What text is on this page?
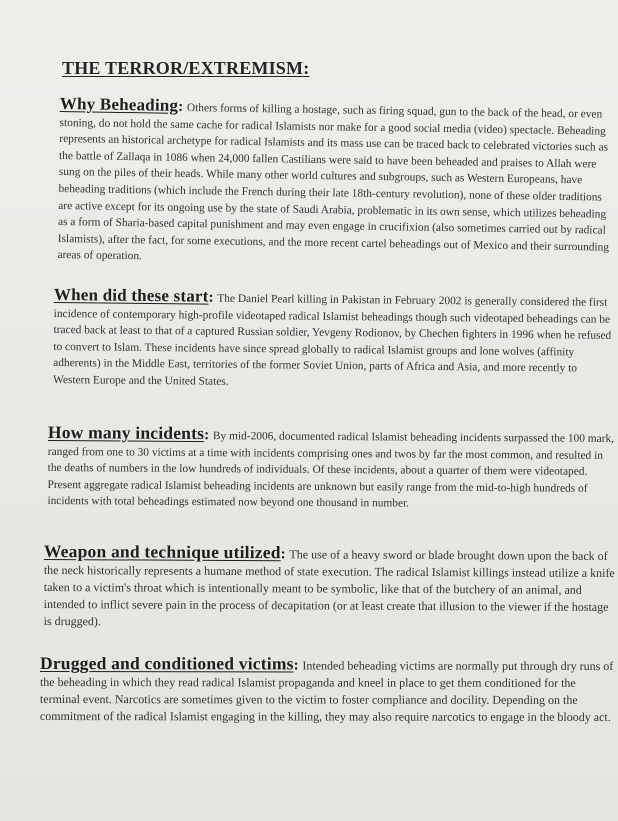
THE TERROR/EXTREMISM:
Why Beheading: Others forms of killing a hostage, such as firing squad, gun to the back of the head, or even stoning, do not hold the same cache for radical Islamists nor make for a good social media (video) spectacle. Beheading represents an historical archetype for radical Islamists and its mass use can be traced back to celebrated victories such as the battle of Zallaqa in 1086 when 24,000 fallen Castilians were said to have been beheaded and praises to Allah were sung on the piles of their heads. While many other world cultures and subgroups, such as Western Europeans, have beheading traditions (which include the French during their late 18th-century revolution), none of these older traditions are active except for its ongoing use by the state of Saudi Arabia, problematic in its own sense, which utilizes beheading as a form of Sharia-based capital punishment and may even engage in crucifixion (also sometimes carried out by radical Islamists), after the fact, for some executions, and the more recent cartel beheadings out of Mexico and their surrounding areas of operation.
When did these start: The Daniel Pearl killing in Pakistan in February 2002 is generally considered the first incidence of contemporary high-profile videotaped radical Islamist beheadings though such videotaped beheadings can be traced back at least to that of a captured Russian soldier, Yevgeny Rodionov, by Chechen fighters in 1996 when he refused to convert to Islam. These incidents have since spread globally to radical Islamist groups and lone wolves (affinity adherents) in the Middle East, territories of the former Soviet Union, parts of Africa and Asia, and more recently to Western Europe and the United States.
How many incidents: By mid-2006, documented radical Islamist beheading incidents surpassed the 100 mark, ranged from one to 30 victims at a time with incidents comprising ones and twos by far the most common, and resulted in the deaths of numbers in the low hundreds of individuals. Of these incidents, about a quarter of them were videotaped. Present aggregate radical Islamist beheading incidents are unknown but easily range from the mid-to-high hundreds of incidents with total beheadings estimated now beyond one thousand in number.
Weapon and technique utilized: The use of a heavy sword or blade brought down upon the back of the neck historically represents a humane method of state execution. The radical Islamist killings instead utilize a knife taken to a victim's throat which is intentionally meant to be symbolic, like that of the butchery of an animal, and intended to inflict severe pain in the process of decapitation (or at least create that illusion to the viewer if the hostage is drugged).
Drugged and conditioned victims: Intended beheading victims are normally put through dry runs of the beheading in which they read radical Islamist propaganda and kneel in place to get them conditioned for the terminal event. Narcotics are sometimes given to the victim to foster compliance and docility. Depending on the commitment of the radical Islamist engaging in the killing, they may also require narcotics to engage in the bloody act.
